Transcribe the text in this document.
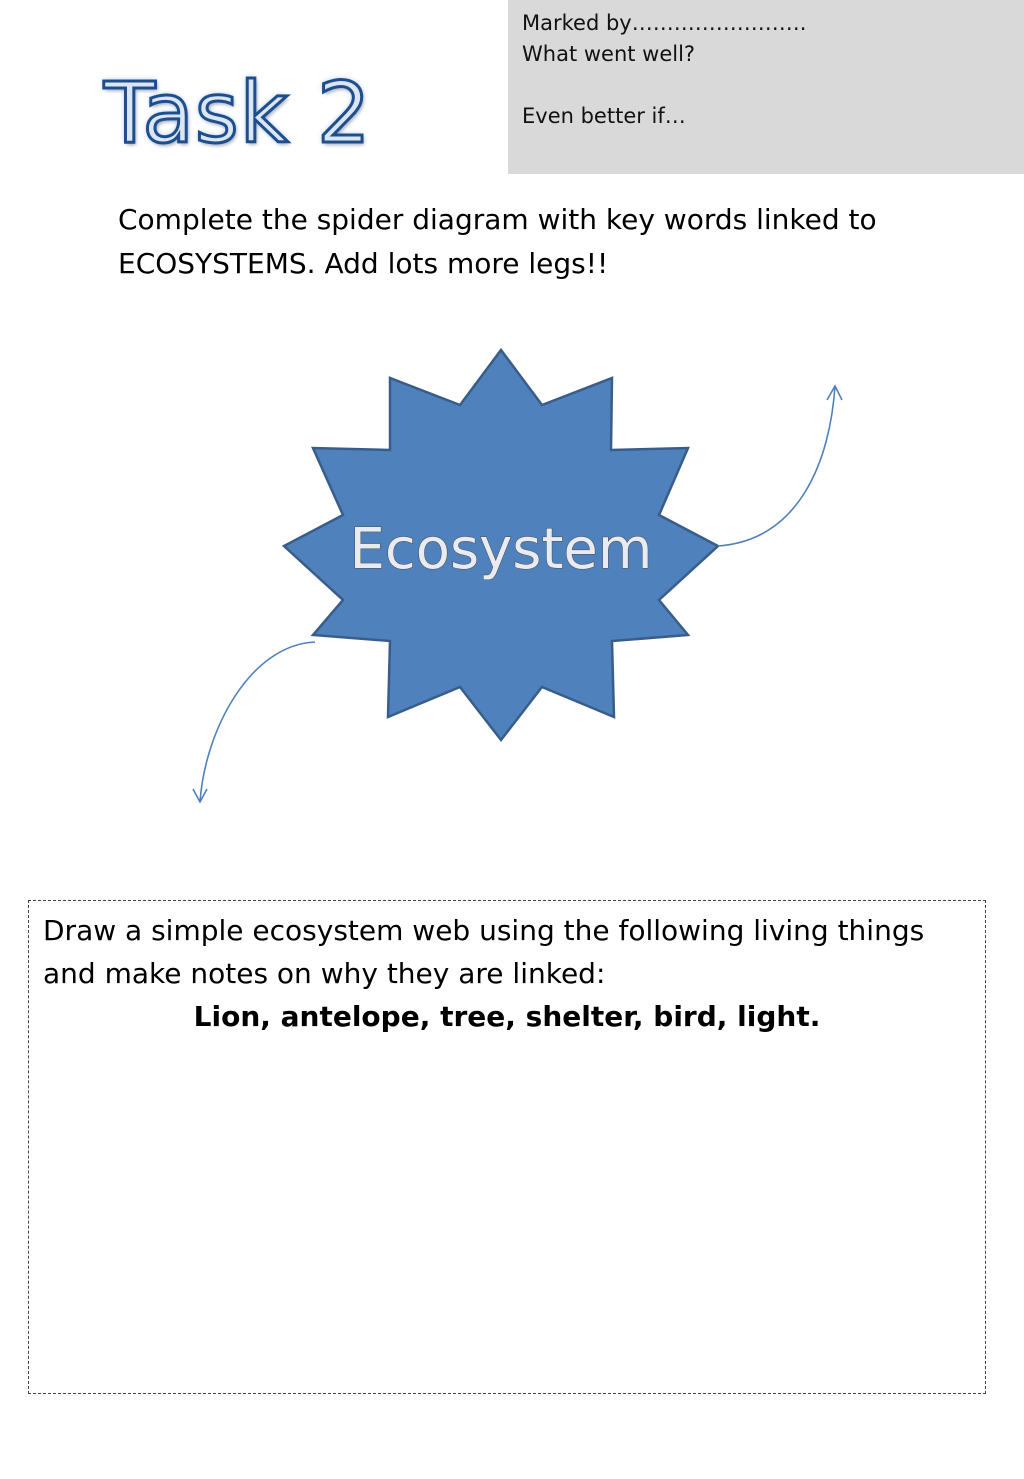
Marked by…………………….
What went well?

Even better if…
Task 2

Complete the spider diagram with key words linked to ECOSYSTEMS. Add lots more legs!!

Ecosystem
Draw a simple ecosystem web using the following living things and make notes on why they are linked:
Lion, antelope, tree, shelter, bird, light.
